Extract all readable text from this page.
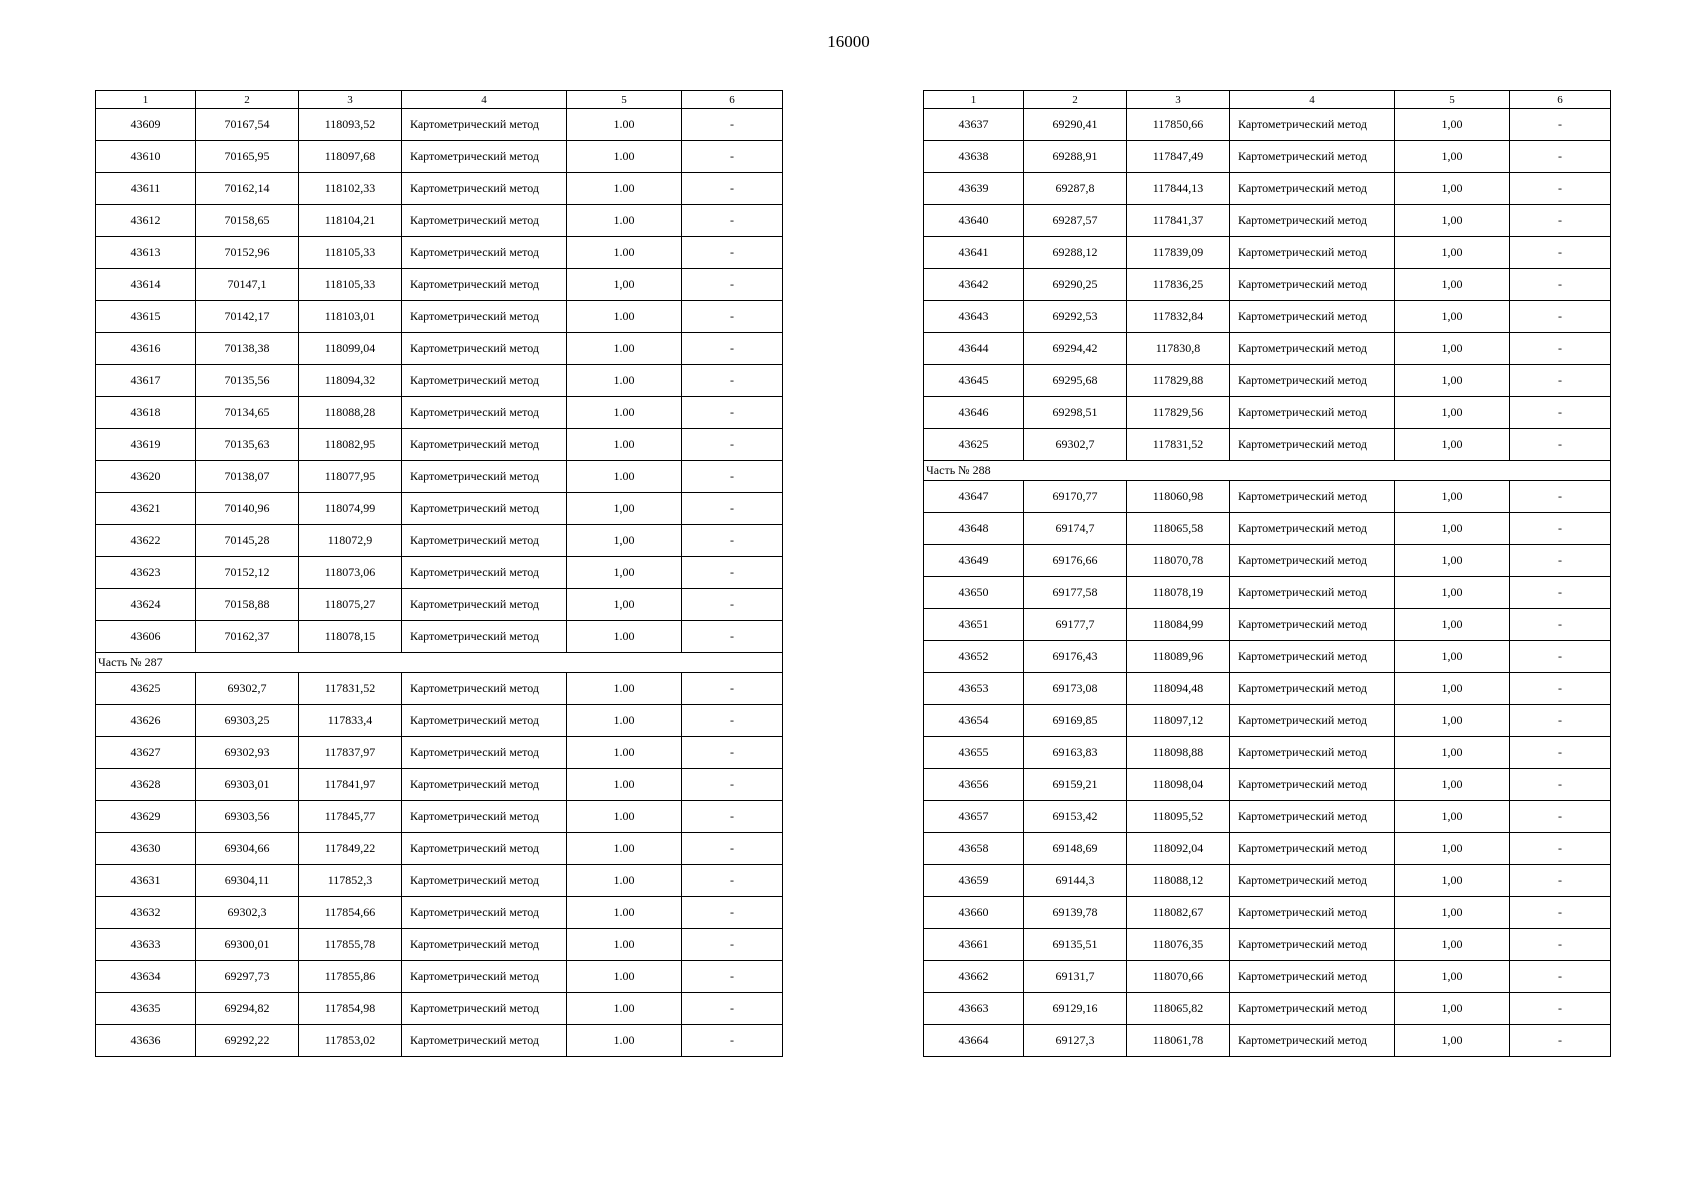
16000
1	2	3	4	5	6
43609	70167,54	118093,52	Картометрический метод	1.00	-
43610	70165,95	118097,68	Картометрический метод	1.00	-
43611	70162,14	118102,33	Картометрический метод	1.00	-
43612	70158,65	118104,21	Картометрический метод	1.00	-
43613	70152,96	118105,33	Картометрический метод	1.00	-
43614	70147,1	118105,33	Картометрический метод	1,00	-
43615	70142,17	118103,01	Картометрический метод	1.00	-
43616	70138,38	118099,04	Картометрический метод	1.00	-
43617	70135,56	118094,32	Картометрический метод	1.00	-
43618	70134,65	118088,28	Картометрический метод	1.00	-
43619	70135,63	118082,95	Картометрический метод	1.00	-
43620	70138,07	118077,95	Картометрический метод	1.00	-
43621	70140,96	118074,99	Картометрический метод	1,00	-
43622	70145,28	118072,9	Картометрический метод	1,00	-
43623	70152,12	118073,06	Картометрический метод	1,00	-
43624	70158,88	118075,27	Картометрический метод	1,00	-
43606	70162,37	118078,15	Картометрический метод	1.00	-
Часть № 287					
43625	69302,7	117831,52	Картометрический метод	1.00	-
43626	69303,25	117833,4	Картометрический метод	1.00	-
43627	69302,93	117837,97	Картометрический метод	1.00	-
43628	69303,01	117841,97	Картометрический метод	1.00	-
43629	69303,56	117845,77	Картометрический метод	1.00	-
43630	69304,66	117849,22	Картометрический метод	1.00	-
43631	69304,11	117852,3	Картометрический метод	1.00	-
43632	69302,3	117854,66	Картометрический метод	1.00	-
43633	69300,01	117855,78	Картометрический метод	1.00	-
43634	69297,73	117855,86	Картометрический метод	1.00	-
43635	69294,82	117854,98	Картометрический метод	1.00	-
43636	69292,22	117853,02	Картометрический метод	1.00	-
1	2	3	4	5	6
43637	69290,41	117850,66	Картометрический метод	1,00	-
43638	69288,91	117847,49	Картометрический метод	1,00	-
43639	69287,8	117844,13	Картометрический метод	1,00	-
43640	69287,57	117841,37	Картометрический метод	1,00	-
43641	69288,12	117839,09	Картометрический метод	1,00	-
43642	69290,25	117836,25	Картометрический метод	1,00	-
43643	69292,53	117832,84	Картометрический метод	1,00	-
43644	69294,42	117830,8	Картометрический метод	1,00	-
43645	69295,68	117829,88	Картометрический метод	1,00	-
43646	69298,51	117829,56	Картометрический метод	1,00	-
43625	69302,7	117831,52	Картометрический метод	1,00	-
Часть № 288					
43647	69170,77	118060,98	Картометрический метод	1,00	-
43648	69174,7	118065,58	Картометрический метод	1,00	-
43649	69176,66	118070,78	Картометрический метод	1,00	-
43650	69177,58	118078,19	Картометрический метод	1,00	-
43651	69177,7	118084,99	Картометрический метод	1,00	-
43652	69176,43	118089,96	Картометрический метод	1,00	-
43653	69173,08	118094,48	Картометрический метод	1,00	-
43654	69169,85	118097,12	Картометрический метод	1,00	-
43655	69163,83	118098,88	Картометрический метод	1,00	-
43656	69159,21	118098,04	Картометрический метод	1,00	-
43657	69153,42	118095,52	Картометрический метод	1,00	-
43658	69148,69	118092,04	Картометрический метод	1,00	-
43659	69144,3	118088,12	Картометрический метод	1,00	-
43660	69139,78	118082,67	Картометрический метод	1,00	-
43661	69135,51	118076,35	Картометрический метод	1,00	-
43662	69131,7	118070,66	Картометрический метод	1,00	-
43663	69129,16	118065,82	Картометрический метод	1,00	-
43664	69127,3	118061,78	Картометрический метод	1,00	-
